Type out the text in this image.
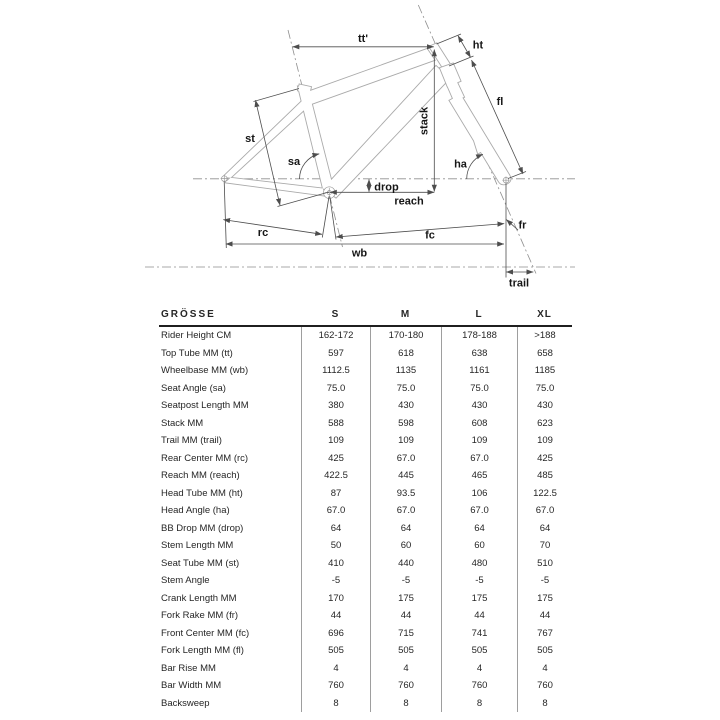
tt'
ht
fl
st
stack
sa	ha
drop
reach
rc	fc
fr
wb
trail
GRÖSSE	S	M	L	XL
Rider Height CM	162-172	170-180	178-188	>188
Top Tube MM (tt)	597	618	638	658
Wheelbase MM (wb)	1112.5	1135	1161	1185
Seat Angle (sa)	75.0	75.0	75.0	75.0
Seatpost Length MM	380	430	430	430
Stack MM	588	598	608	623
Trail MM (trail)	109	109	109	109
Rear Center MM (rc)	425	67.0	67.0	425
Reach MM (reach)	422.5	445	465	485
Head Tube MM (ht)	87	93.5	106	122.5
Head Angle (ha)	67.0	67.0	67.0	67.0
BB Drop MM (drop)	64	64	64	64
Stem Length MM	50	60	60	70
Seat Tube MM (st)	410	440	480	510
Stem Angle	-5	-5	-5	-5
Crank Length MM	170	175	175	175
Fork Rake MM (fr)	44	44	44	44
Front Center MM (fc)	696	715	741	767
Fork Length MM (fl)	505	505	505	505
Bar Rise MM	4	4	4	4
Bar Width MM	760	760	760	760
Backsweep	8	8	8	8
